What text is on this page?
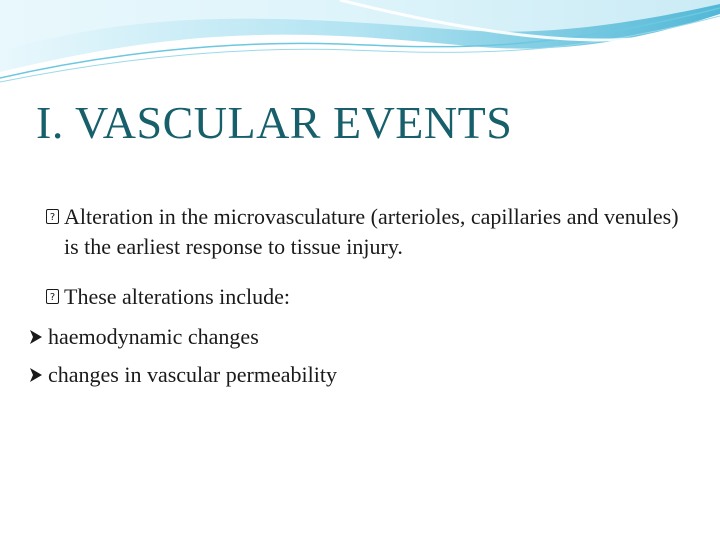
I. VASCULAR EVENTS

? Alteration in the microvasculature (arterioles, capillaries and venules) is the earliest response to tissue injury.

? These alterations include:

haemodynamic changes
changes in vascular permeability
